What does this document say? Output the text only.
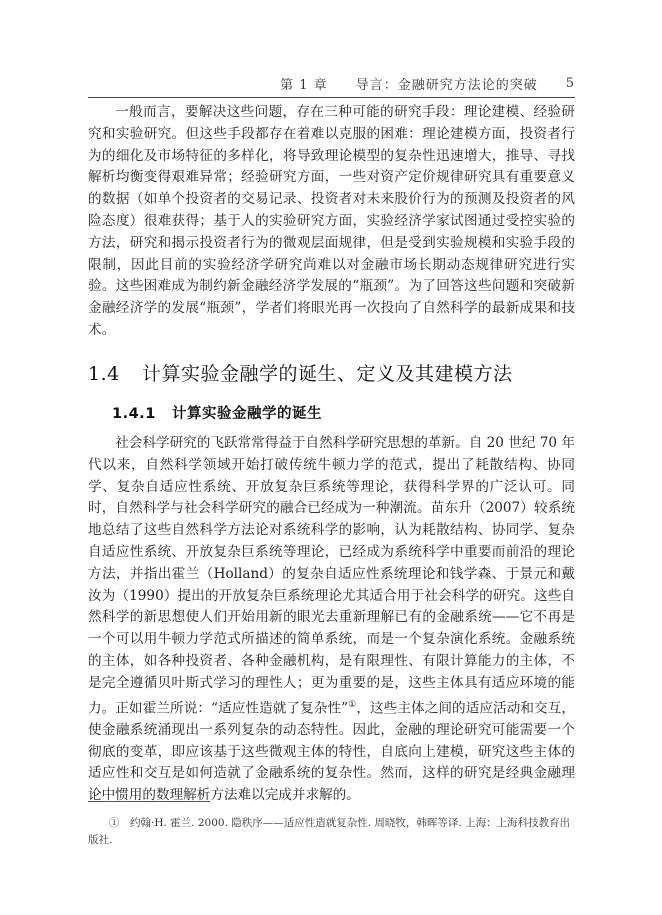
第 1 章 导言：金融研究方法论的突破 5

一般而言，要解决这些问题，存在三种可能的研究手段：理论建模、经验研究和实验研究。但这些手段都存在着难以克服的困难：理论建模方面，投资者行为的细化及市场特征的多样化，将导致理论模型的复杂性迅速增大，推导、寻找解析均衡变得艰难异常；经验研究方面，一些对资产定价规律研究具有重要意义的数据（如单个投资者的交易记录、投资者对未来股价行为的预测及投资者的风险态度）很难获得；基于人的实验研究方面，实验经济学家试图通过受控实验的方法，研究和揭示投资者行为的微观层面规律，但是受到实验规模和实验手段的限制，因此目前的实验经济学研究尚难以对金融市场长期动态规律研究进行实验。这些困难成为制约新金融经济学发展的“瓶颈”。为了回答这些问题和突破新金融经济学的发展“瓶颈”，学者们将眼光再一次投向了自然科学的最新成果和技术。

1.4 计算实验金融学的诞生、定义及其建模方法
1.4.1 计算实验金融学的诞生

社会科学研究的飞跃常常得益于自然科学研究思想的革新。自 20 世纪 70 年代以来，自然科学领域开始打破传统牛顿力学的范式，提出了耗散结构、协同学、复杂自适应性系统、开放复杂巨系统等理论，获得科学界的广泛认可。同时，自然科学与社会科学研究的融合已经成为一种潮流。苗东升（2007）较系统地总结了这些自然科学方法论对系统科学的影响，认为耗散结构、协同学、复杂自适应性系统、开放复杂巨系统等理论，已经成为系统科学中重要而前沿的理论方法，并指出霍兰（Holland）的复杂自适应性系统理论和钱学森、于景元和戴汝为（1990）提出的开放复杂巨系统理论尤其适合用于社会科学的研究。这些自然科学的新思想使人们开始用新的眼光去重新理解已有的金融系统——它不再是一个可以用牛顿力学范式所描述的简单系统，而是一个复杂演化系统。金融系统的主体，如各种投资者、各种金融机构，是有限理性、有限计算能力的主体，不是完全遵循贝叶斯式学习的理性人；更为重要的是，这些主体具有适应环境的能力。正如霍兰所说：“适应性造就了复杂性”①，这些主体之间的适应活动和交互，使金融系统涌现出一系列复杂的动态特性。因此，金融的理论研究可能需要一个彻底的变革，即应该基于这些微观主体的特性，自底向上建模，研究这些主体的适应性和交互是如何造就了金融系统的复杂性。然而，这样的研究是经典金融理论中惯用的数理解析方法难以完成并求解的。

①　约翰·H. 霍兰. 2000. 隐秩序——适应性造就复杂性. 周晓牧，韩晖等译. 上海：上海科技教育出版社.
